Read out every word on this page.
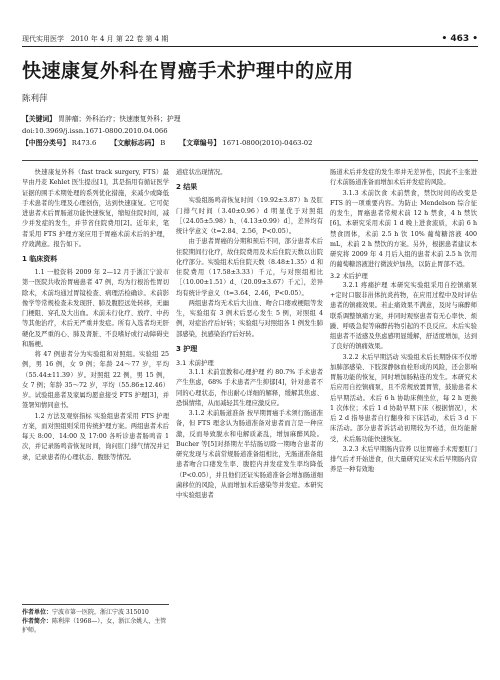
现代实用医学 2010 年 4 月 第 22 卷 第 4 期	• 463 •
快速康复外科在胃癌手术护理中的应用
陈利萍
【关键词】 胃肿瘤；外科治疗；快速康复外科；护理
doi:10.3969/j.issn.1671-0800.2010.04.066
【中图分类号】 R473.6 【文献标志码】 B 【文章编号】 1671-0800(2010)-0463-02

快速康复外科（fast track surgery, FTS）最早由丹麦 Kehlet 医生提出[1]，其是指用有循证医学证据的围手术期处理的系列优化措施，来减少或降低手术患者的生理及心理创伤，达到快速康复。它可促进患者术后胃肠道功能快速恢复，缩短住院时间，减少并发症的发生，并节省住院费用[2]。近年来，笔者采用 FTS 护理方案应用于胃癌术前术后的护理，疗效满意。报告如下。

1 临床资料

1.1 一般资料 2009 年 2—12 月于浙江宁波市第一医院共收治胃癌患者 47 例，均为行根治性胃切除术，术前均通过胃镜检查、病理活检确诊。术前影像学等常规检查未发现肝、肺及腹腔远处转移，无幽门梗阻、穿孔及大出血。术前未行化疗、放疗、中药等其他治疗，术后无严重并发症。所有入选者均无肝硬化及严重的心、肺及肾脏、不良嗜好或行动障碍史和肠梗。

将 47 例患者分为实验组和对照组。实验组 25 例，男 16 例，女 9 例；年龄 24～77 岁，平均（55.44±11.39）岁。对照组 22 例，男 15 例，女 7 例；年龄 35～72 岁，平均（55.86±12.46）岁。试验组患者及家属均愿意接受 FTS 护理[3]，并签署知情同意书。

1.2 方法及观察指标 实验组患者采用 FTS 护理方案，而对照组则采用传统护理方案。两组患者术后每天 8:00、14:00 及 17:00 各听诊患者肠鸣音 1 次，并记录肠鸣音恢复时间，询问肛门排气情况并记录，记录患者的心理状态、腹胀等情况。

道症状出现情况。

2 结果

实验组肠鸣音恢复时间（19.92±3.87）h 及肛门排气时间（3.40±0.96）d 明显优于对照组［（24.05±5.98）h、（4.13±0.99）d］，差异均有统计学意义（t=2.84、2.56，P<0.05）。

由于患者胃癌的分期和预后不同，部分患者术后住院期间行化疗，故住院费用及术后住院天数以出院化疗部分。实验组术后住院天数（8.48±1.35）d 和住院费用（17.58±3.33）千元，与对照组相比［（10.00±1.51）d、（20.09±3.67）千元］，差异均有统计学意义（t=3.64、2.46，P<0.05）。

两组患者均无术后大出血、吻合口瘘或梗阻等发生，实验组有 3 例术后恶心发生 5 例，对照组 4 例，对症治疗后好转；实验组与对照组各 1 例发生肺部感染，抗感染治疗后好转。

3 护理

3.1 术前护理

3.1.1 术前宣教和心理护理 约 80.7% 手术患者产生焦虑，68% 手术患者产生抑郁[4]，针对患者不同的心理状态，作出耐心详细的解释，缓解其焦虑、恐惧情绪，从而减轻其生理应激反应。

3.1.2 术前肠道准备 按早期胃癌手术须行肠道准备，但 FTS 理念认为肠道准备对患者而言是一种应激，反而导致脱水和电解质紊乱，增加麻醉风险。Bucher 等[5]对择期左半结肠切除一期吻合患者的研究发现与术前常规肠道准备组相比，无肠道准备组患者吻合口瘘发生率、腹腔内并发症发生率均降低（P<0.05），并且他们还证实肠道准备会增加肠道细菌移位的风险，从而增加术后感染等并发症。本研究中实验组患者

肠道术后并发症的发生率并无差异性，因此不主张进行术前肠道准备而增加术后并发症的风险。

3.1.3 术前饮食 术前禁食，禁饮时间的改变是 FTS 的一项重要内容。为防止 Mendelson 综合征的发生，胃癌患者常规术前 12 h 禁食，4 h 禁饮[6]。本研究采用术前 1 d 晚上进食流质，术前 6 h 禁食固体，术前 2.5 h 饮 10% 葡萄糖溶液 400 mL，术前 2 h 禁饮的方案。另外，根据患者建议本研究将 2009 年 4 月后入组的患者术前 2.5 h 饮用的葡萄糖溶液进行微波炉加热，以防止胃部不适。

3.2 术后护理

3.2.1 疼痛护理 本研究实验组采用自控镇痛泵+定时口服非甾体抗炎药物，在应用过程中及时评估患者的镇痛效果。若止痛效果不满意，及时与麻醉师联系调整镇痛方案，并同时观察患者有无心率快、烦躁、呼吸急促等麻醉药物引起的不良反应。术后实验组患者不适感及焦虑感明显缓解，舒适度增加，达到了良好的镇痛效果。

3.2.2 术后早期活动 实验组术后长期卧床不仅增加肺部感染、下肢深静脉血栓形成的风险，还会影响胃肠功能的恢复，同时增加肠粘连的发生。本研究术后应用自控镇痛泵，且不常规放置胃管，鼓励患者术后早期活动。术后 6 h 协助床侧坐位，每 2 h 更换 1 次体位；术后 1 d 协助早期下床（根据情况），术后 2 d 指导患者自行翻身和下床活动，术后 3 d 下床活动。部分患者诉活动初期较为不适，但均能耐受，术后肠功能快速恢复。

3.2.3 术后早期肠内营养 以往胃癌手术需要肛门排气后才开始进食，但大量研究证实术后早期肠内营养是一种有效地

作者单位：宁波市第一医院，浙江宁波 315010
作者简介：陈利萍（1968—），女，浙江余姚人，主管护师。
